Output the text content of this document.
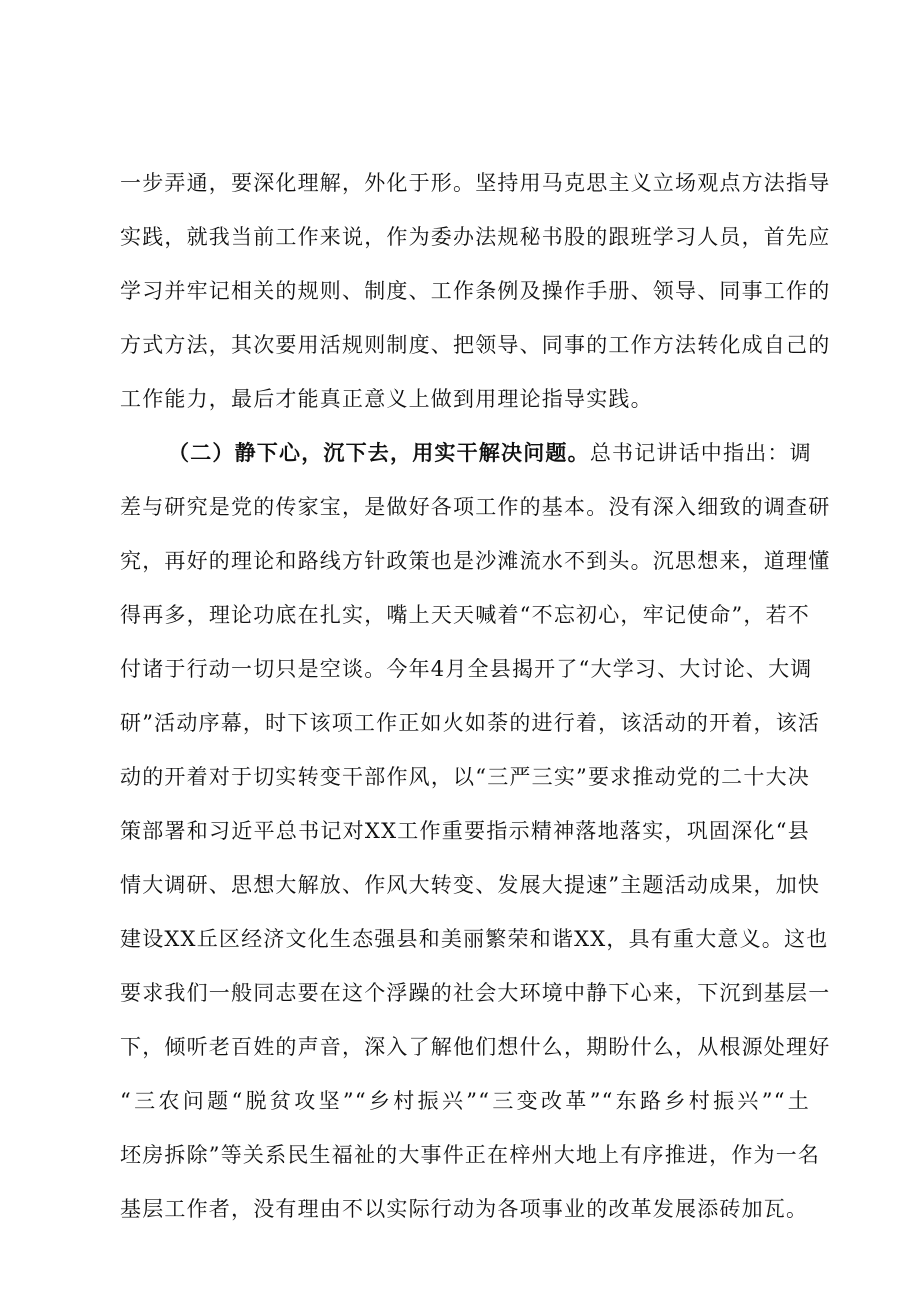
一步弄通，要深化理解，外化于形。坚持用马克思主义立场观点方法指导
实践，就我当前工作来说，作为委办法规秘书股的跟班学习人员，首先应
学习并牢记相关的规则、制度、工作条例及操作手册、领导、同事工作的
方式方法，其次要用活规则制度、把领导、同事的工作方法转化成自己的
工作能力，最后才能真正意义上做到用理论指导实践。
（二）静下心，沉下去，用实干解决问题。总书记讲话中指出：调
差与研究是党的传家宝，是做好各项工作的基本。没有深入细致的调查研
究，再好的理论和路线方针政策也是沙滩流水不到头。沉思想来，道理懂
得再多，理论功底在扎实，嘴上天天喊着“不忘初心，牢记使命”，若不
付诸于行动一切只是空谈。今年4月全县揭开了“大学习、大讨论、大调
研”活动序幕，时下该项工作正如火如荼的进行着，该活动的开着，该活
动的开着对于切实转变干部作风，以“三严三实”要求推动党的二十大决
策部署和习近平总书记对XX工作重要指示精神落地落实，巩固深化“县
情大调研、思想大解放、作风大转变、发展大提速”主题活动成果，加快
建设XX丘区经济文化生态强县和美丽繁荣和谐XX，具有重大意义。这也
要求我们一般同志要在这个浮躁的社会大环境中静下心来，下沉到基层一
下，倾听老百姓的声音，深入了解他们想什么，期盼什么，从根源处理好
“三农问题“脱贫攻坚”“乡村振兴”“三变改革”“东路乡村振兴”“土
坯房拆除”等关系民生福祉的大事件正在梓州大地上有序推进，作为一名
基层工作者，没有理由不以实际行动为各项事业的改革发展添砖加瓦。
